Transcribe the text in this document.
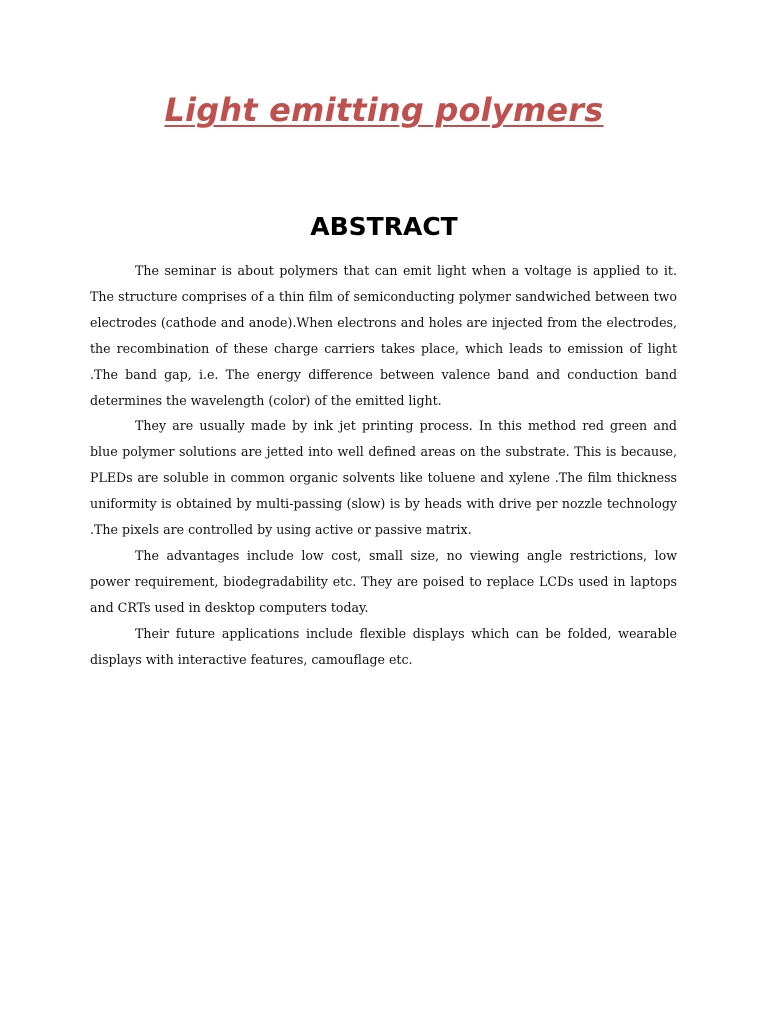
Light emitting polymers
ABSTRACT

The seminar is about polymers that can emit light when a voltage is applied to it. The structure comprises of a thin film of semiconducting polymer sandwiched between two electrodes (cathode and anode).When electrons and holes are injected from the electrodes, the recombination of these charge carriers takes place, which leads to emission of light .The band gap, i.e. The energy difference between valence band and conduction band determines the wavelength (color) of the emitted light.

They are usually made by ink jet printing process. In this method red green and blue polymer solutions are jetted into well defined areas on the substrate. This is because, PLEDs are soluble in common organic solvents like toluene and xylene .The film thickness uniformity is obtained by multi-passing (slow) is by heads with drive per nozzle technology .The pixels are controlled by using active or passive matrix.

The advantages include low cost, small size, no viewing angle restrictions, low power requirement, biodegradability etc. They are poised to replace LCDs used in laptops and CRTs used in desktop computers today.

Their future applications include flexible displays which can be folded, wearable displays with interactive features, camouflage etc.
